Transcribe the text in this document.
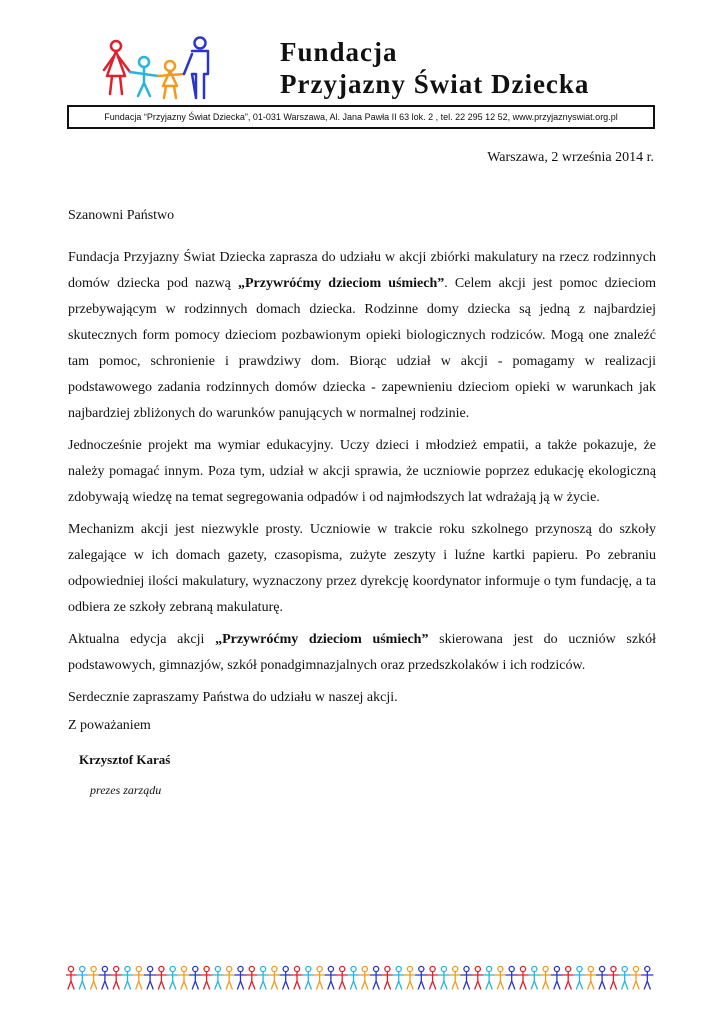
Fundacja
Przyjazny Świat Dziecka
Fundacja “Przyjazny Świat Dziecka”, 01-031 Warszawa, Al. Jana Pawła II 63 lok. 2 , tel. 22 295 12 52, www.przyjaznyswiat.org.pl
Warszawa, 2 września 2014 r.

Szanowni Państwo

Fundacja Przyjazny Świat Dziecka zaprasza do udziału w akcji zbiórki makulatury na rzecz rodzinnych domów dziecka pod nazwą „Przywróćmy dzieciom uśmiech”. Celem akcji jest pomoc dzieciom przebywającym w rodzinnych domach dziecka. Rodzinne domy dziecka są jedną z najbardziej skutecznych form pomocy dzieciom pozbawionym opieki biologicznych rodziców. Mogą one znaleźć tam pomoc, schronienie i prawdziwy dom. Biorąc udział w akcji - pomagamy w realizacji podstawowego zadania rodzinnych domów dziecka - zapewnieniu dzieciom opieki w warunkach jak najbardziej zbliżonych do warunków panujących w normalnej rodzinie.

Jednocześnie projekt ma wymiar edukacyjny. Uczy dzieci i młodzież empatii, a także pokazuje, że należy pomagać innym. Poza tym, udział w akcji sprawia, że uczniowie poprzez edukację ekologiczną zdobywają wiedzę na temat segregowania odpadów i od najmłodszych lat wdrażają ją w życie.

Mechanizm akcji jest niezwykle prosty. Uczniowie w trakcie roku szkolnego przynoszą do szkoły zalegające w ich domach gazety, czasopisma, zużyte zeszyty i luźne kartki papieru. Po zebraniu odpowiedniej ilości makulatury, wyznaczony przez dyrekcję koordynator informuje o tym fundację, a ta odbiera ze szkoły zebraną makulaturę.

Aktualna edycja akcji „Przywróćmy dzieciom uśmiech” skierowana jest do uczniów szkół podstawowych, gimnazjów, szkół ponadgimnazjalnych oraz przedszkolaków i ich rodziców.

Serdecznie zapraszamy Państwa do udziału w naszej akcji.

Z poważaniem

Krzysztof Karaś

prezes zarządu
